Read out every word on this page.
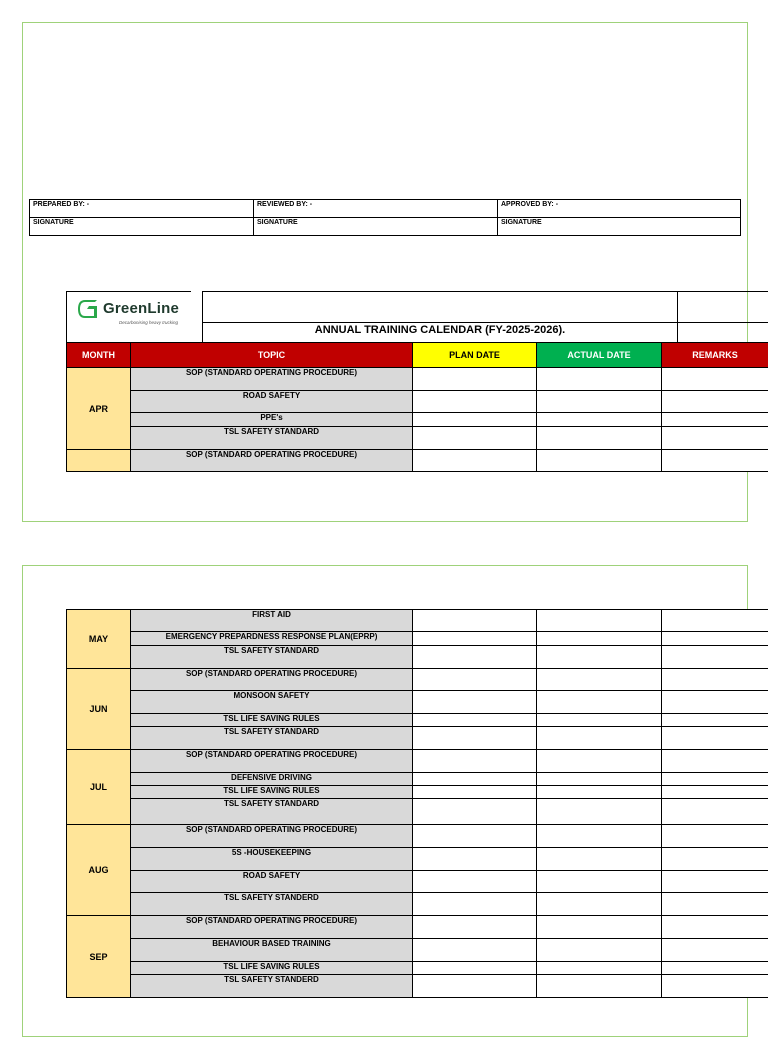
PREPARED BY: -	REVIEWED BY: -	APPROVED BY: -
SIGNATURE	SIGNATURE	SIGNATURE
GreenLine
Decarbonising heavy trucking
ANNUAL TRAINING CALENDAR (FY-2025-2026).
MONTH	TOPIC	PLAN DATE	ACTUAL DATE	REMARKS
APR	SOP (STANDARD OPERATING PROCEDURE)			
	ROAD SAFETY			
	PPE's			
	TSL SAFETY STANDARD			
	SOP (STANDARD OPERATING PROCEDURE)			
MAY	FIRST AID			
	EMERGENCY PREPARDNESS RESPONSE PLAN(EPRP)			
	TSL SAFETY STANDARD			
JUN	SOP (STANDARD OPERATING PROCEDURE)			
	MONSOON SAFETY			
	TSL LIFE SAVING RULES			
	TSL SAFETY STANDARD			
JUL	SOP (STANDARD OPERATING PROCEDURE)			
	DEFENSIVE DRIVING			
	TSL LIFE SAVING RULES			
	TSL SAFETY STANDARD			
AUG	SOP (STANDARD OPERATING PROCEDURE)			
	5S -HOUSEKEEPING			
	ROAD SAFETY			
	TSL SAFETY STANDERD			
SEP	SOP (STANDARD OPERATING PROCEDURE)			
	BEHAVIOUR BASED TRAINING			
	TSL LIFE SAVING RULES			
	TSL SAFETY STANDERD			
